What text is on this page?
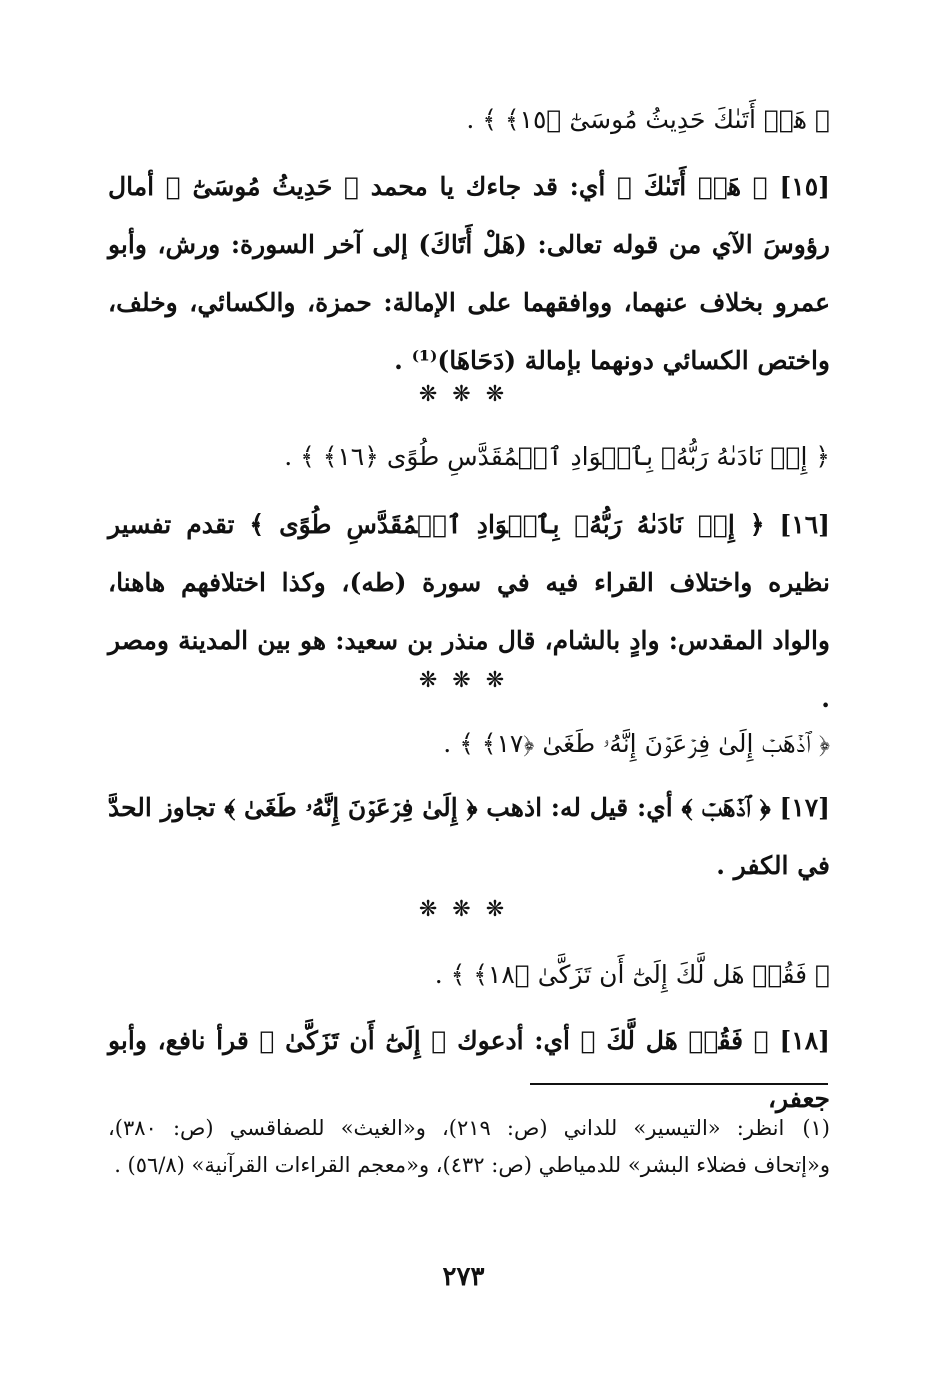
﴿ هَلۡ أَتَىٰكَ حَدِيثُ مُوسَىٰٓ ﴿١٥﴾ ﴾ .

[١٥] ﴿ هَلۡ أَتَىٰكَ ﴾ أي: قد جاءك يا محمد ﴿ حَدِيثُ مُوسَىٰٓ ﴾ أمال رؤوسَ الآي من قوله تعالى: (هَلْ أَتَاكَ) إلى آخر السورة: ورش، وأبو عمرو بخلاف عنهما، ووافقهما على الإمالة: حمزة، والكسائي، وخلف، واختص الكسائي دونهما بإمالة (دَحَاهَا)⁽¹⁾ .

❋ ❋ ❋
﴿ إِذۡ نَادَىٰهُ رَبُّهُۥ بِٱلۡوَادِ ٱلۡمُقَدَّسِ طُوًى ﴿١٦﴾ ﴾ .

[١٦] ﴿ إِذۡ نَادَىٰهُ رَبُّهُۥ بِٱلۡوَادِ ٱلۡمُقَدَّسِ طُوًى ﴾ تقدم تفسير نظيره واختلاف القراء فيه في سورة (طه)، وكذا اختلافهم هاهنا، والواد المقدس: وادٍ بالشام، قال منذر بن سعيد: هو بين المدينة ومصر .

❋ ❋ ❋
﴿ ٱذۡهَبۡ إِلَىٰ فِرۡعَوۡنَ إِنَّهُۥ طَغَىٰ ﴿١٧﴾ ﴾ .

[١٧] ﴿ ٱذۡهَبۡ ﴾ أي: قيل له: اذهب ﴿ إِلَىٰ فِرۡعَوۡنَ إِنَّهُۥ طَغَىٰ ﴾ تجاوز الحدَّ في الكفر .

❋ ❋ ❋
﴿ فَقُلۡ هَل لَّكَ إِلَىٰٓ أَن تَزَكَّىٰ ﴿١٨﴾ ﴾ .

[١٨] ﴿ فَقُلۡ هَل لَّكَ ﴾ أي: أدعوك ﴿ إِلَىٰٓ أَن تَزَكَّىٰ ﴾ قرأ نافع، وأبو جعفر،

(١)انظر: «التيسير» للداني (ص: ٢١٩)، و«الغيث» للصفاقسي (ص: ٣٨٠)، و«إتحاف فضلاء البشر» للدمياطي (ص: ٤٣٢)، و«معجم القراءات القرآنية» (٥٦/٨) .

٢٧٣
